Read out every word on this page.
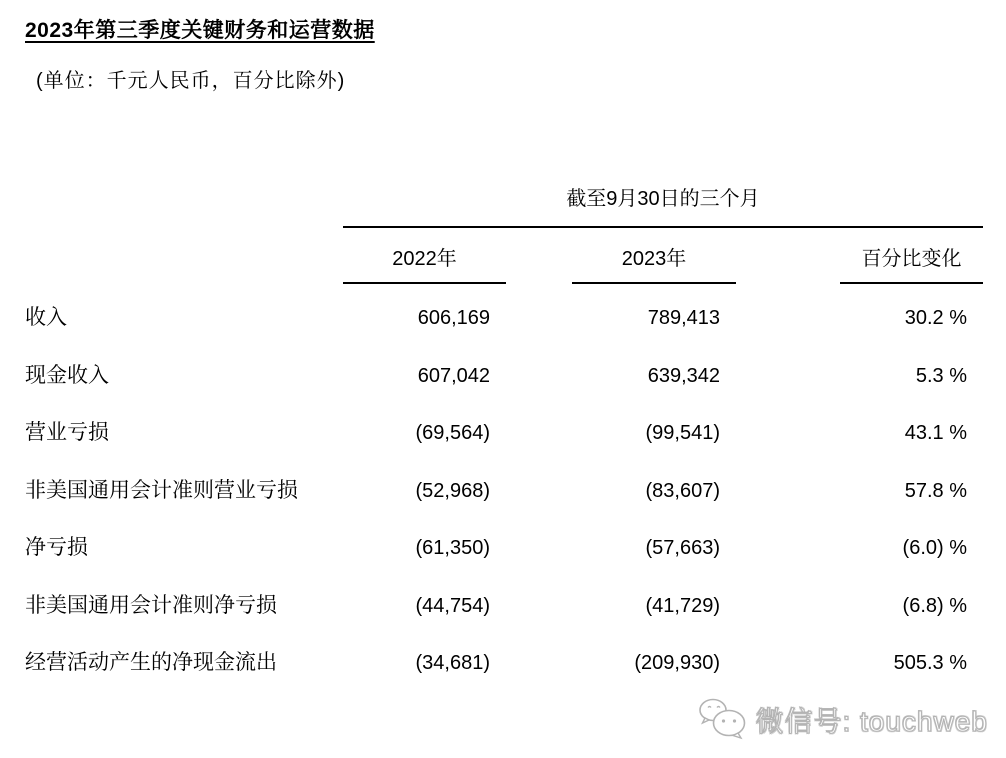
2023年第三季度关键财务和运营数据
(单位：千元人民币，百分比除外)
截至9月30日的三个月
2022年	2023年	百分比变化
收入	606,169	789,413	30.2 %
现金收入	607,042	639,342	5.3 %
营业亏损	(69,564)	(99,541)	43.1 %
非美国通用会计准则营业亏损	(52,968)	(83,607)	57.8 %
净亏损	(61,350)	(57,663)	(6.0) %
非美国通用会计准则净亏损	(44,754)	(41,729)	(6.8) %
经营活动产生的净现金流出	(34,681)	(209,930)	505.3 %
微信号: touchweb
